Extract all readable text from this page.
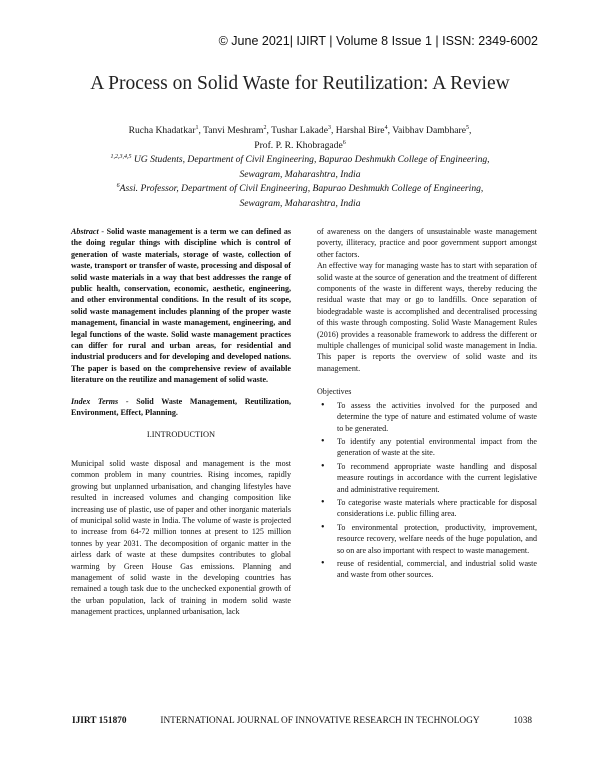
© June 2021| IJIRT | Volume 8 Issue 1 | ISSN: 2349-6002
A Process on Solid Waste for Reutilization: A Review
Rucha Khadatkar$^1$, Tanvi Meshram$^2$, Tushar Lakade$^3$, Harshal Bire$^4$, Vaibhav Dambhare$^5$,
Prof. P. R. Khobragade$^6$
$^{1,2,3,4,5}$ UG Students, Department of Civil Engineering, Bapurao Deshmukh College of Engineering,
Sewagram, Maharashtra, India
$^6$Assi. Professor, Department of Civil Engineering, Bapurao Deshmukh College of Engineering,
Sewagram, Maharashtra, India

Abstract - Solid waste management is a term we can defined as the doing regular things with discipline which is control of generation of waste materials, storage of waste, collection of waste, transport or transfer of waste, processing and disposal of solid waste materials in a way that best addresses the range of public health, conservation, economic, aesthetic, engineering, and other environmental conditions. In the result of its scope, solid waste management includes planning of the proper waste management, financial in waste management, engineering, and legal functions of the waste. Solid waste management practices can differ for rural and urban areas, for residential and industrial producers and for developing and developed nations. The paper is based on the comprehensive review of available literature on the reutilize and management of solid waste.

Index Terms - Solid Waste Management, Reutilization, Environment, Effect, Planning.

I.INTRODUCTION

Municipal solid waste disposal and management is the most common problem in many countries. Rising incomes, rapidly growing but unplanned urbanisation, and changing lifestyles have resulted in increased volumes and changing composition like increasing use of plastic, use of paper and other inorganic materials of municipal solid waste in India. The volume of waste is projected to increase from 64-72 million tonnes at present to 125 million tonnes by year 2031. The decomposition of organic matter in the airless dark of waste at these dumpsites contributes to global warming by Green House Gas emissions. Planning and management of solid waste in the developing countries has remained a tough task due to the unchecked exponential growth of the urban population, lack of training in modern solid waste management practices, unplanned urbanisation, lack

of awareness on the dangers of unsustainable waste management poverty, illiteracy, practice and poor government support amongst other factors.

An effective way for managing waste has to start with separation of solid waste at the source of generation and the treatment of different components of the waste in different ways, thereby reducing the residual waste that may or go to landfills. Once separation of biodegradable waste is accomplished and decentralised processing of this waste through composting. Solid Waste Management Rules (2016) provides a reasonable framework to address the different or multiple challenges of municipal solid waste management in India. This paper is reports the overview of solid waste and its management.

Objectives

• To assess the activities involved for the purposed and determine the type of nature and estimated volume of waste to be generated.
• To identify any potential environmental impact from the generation of waste at the site.
• To recommend appropriate waste handling and disposal measure routings in accordance with the current legislative and administrative requirement.
• To categorise waste materials where practicable for disposal considerations i.e. public filling area.
• To environmental protection, productivity, improvement, resource recovery, welfare needs of the huge population, and so on are also important with respect to waste management.
• reuse of residential, commercial, and industrial solid waste and waste from other sources.
IJIRT 151870	INTERNATIONAL JOURNAL OF INNOVATIVE RESEARCH IN TECHNOLOGY	1038
